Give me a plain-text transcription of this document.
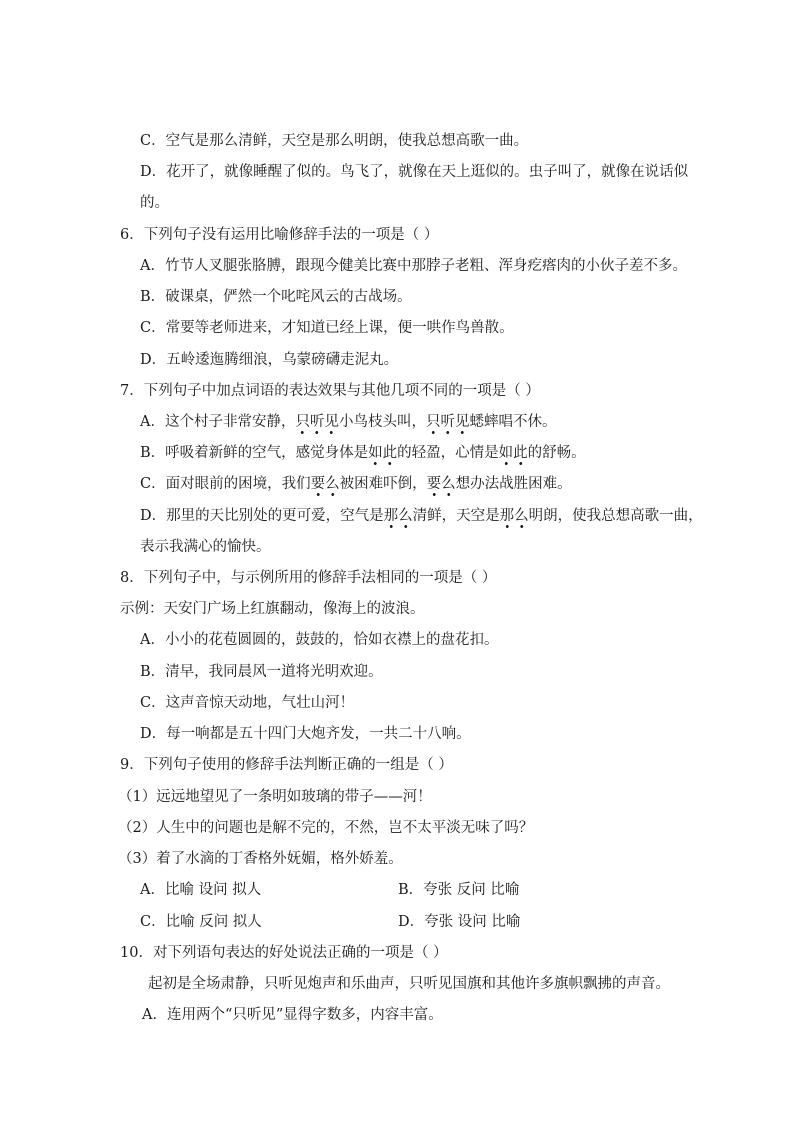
C．空气是那么清鲜，天空是那么明朗，使我总想高歌一曲。
D．花开了，就像睡醒了似的。鸟飞了，就像在天上逛似的。虫子叫了，就像在说话似
的。
6．下列句子没有运用比喻修辞手法的一项是（ ）
A．竹节人叉腿张胳膊，跟现今健美比赛中那脖子老粗、浑身疙瘩肉的小伙子差不多。
B．破课桌，俨然一个叱咤风云的古战场。
C．常要等老师进来，才知道已经上课，便一哄作鸟兽散。
D．五岭逶迤腾细浪，乌蒙磅礴走泥丸。
7．下列句子中加点词语的表达效果与其他几项不同的一项是（ ）
A．这个村子非常安静，只听见小鸟枝头叫，只听见蟋蟀唱不休。
B．呼吸着新鲜的空气，感觉身体是如此的轻盈，心情是如此的舒畅。
C．面对眼前的困境，我们要么被困难吓倒，要么想办法战胜困难。
D．那里的天比别处的更可爱，空气是那么清鲜，天空是那么明朗，使我总想高歌一曲，
表示我满心的愉快。
8．下列句子中，与示例所用的修辞手法相同的一项是（ ）
示例：天安门广场上红旗翻动，像海上的波浪。
A．小小的花苞圆圆的，鼓鼓的，恰如衣襟上的盘花扣。
B．清早，我同晨风一道将光明欢迎。
C．这声音惊天动地，气壮山河！
D．每一响都是五十四门大炮齐发，一共二十八响。
9．下列句子使用的修辞手法判断正确的一组是（ ）
（1）远远地望见了一条明如玻璃的带子——河！
（2）人生中的问题也是解不完的，不然，岂不太平淡无味了吗？
（3）着了水滴的丁香格外妩媚，格外娇羞。
A．比喻 设问 拟人	B．夸张 反问 比喻
C．比喻 反问 拟人	D．夸张 设问 比喻
10．对下列语句表达的好处说法正确的一项是（ ）
起初是全场肃静，只听见炮声和乐曲声，只听见国旗和其他许多旗帜飘拂的声音。
A．连用两个“只听见”显得字数多，内容丰富。
